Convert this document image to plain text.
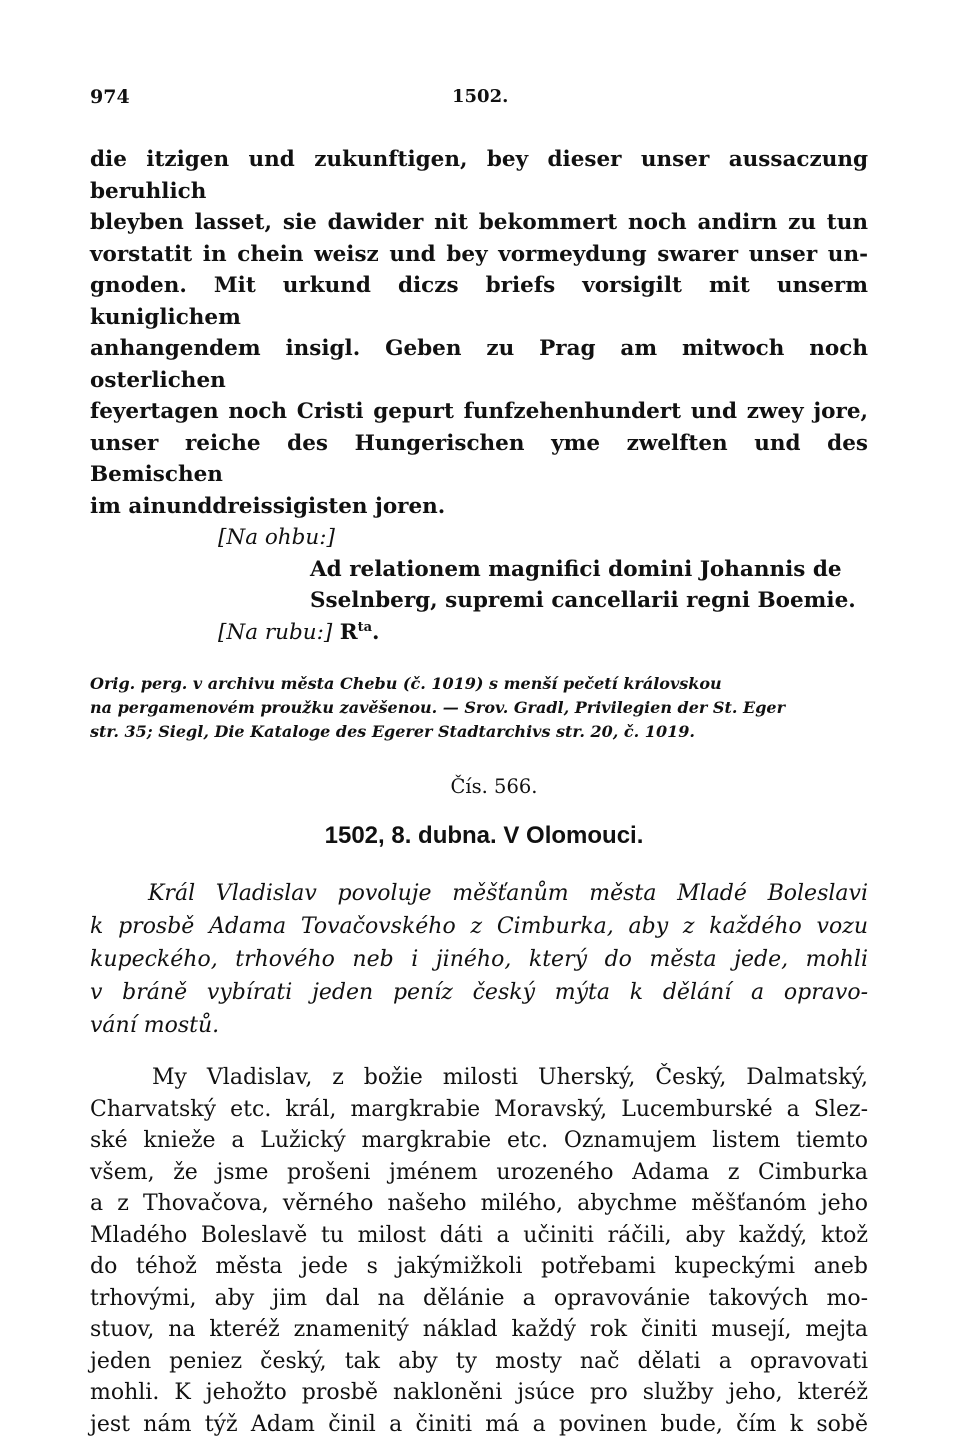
974	1502.

die itzigen und zukunftigen, bey dieser unser aussaczung beruhlich

bleyben lasset, sie dawider nit bekommert noch andirn zu tun

vorstatit in chein weisz und bey vormeydung swarer unser un-

gnoden. Mit urkund diczs briefs vorsigilt mit unserm kuniglichem

anhangendem insigl. Geben zu Prag am mitwoch noch osterlichen

feyertagen noch Cristi gepurt funfzehenhundert und zwey jore,

unser reiche des Hungerischen yme zwelften und des Bemischen

im ainunddreissigisten joren.

[Na ohbu:]

Ad relationem magnifici domini Johannis de

Sselnberg, supremi cancellarii regni Boemie.

[Na rubu:] $R^{ta}$.

Orig. perg. v archivu města Chebu (č. 1019) s menší pečetí královskou

na pergamenovém proužku zavěšenou. — Srov. Gradl, Privilegien der St. Eger

str. 35; Siegl, Die Kataloge des Egerer Stadtarchivs str. 20, č. 1019.

Čís. 566.
1502, 8. dubna. V Olomouci.

Král Vladislav povoluje měšťanům města Mladé Boleslavi

k prosbě Adama Tovačovského z Cimburka, aby z každého vozu

kupeckého, trhového neb i jiného, který do města jede, mohli

v bráně vybírati jeden peníz český mýta k dělání a opravo-

vání mostů.

My Vladislav, z božie milosti Uherský, Český, Dalmatský,

Charvatský etc. král, margkrabie Moravský, Lucemburské a Slez-

ské knieže a Lužický margkrabie etc. Oznamujem listem tiemto

všem, že jsme prošeni jménem urozeného Adama z Cimburka

a z Thovačova, věrného našeho milého, abychme měšťanóm jeho

Mladého Boleslavě tu milost dáti a učiniti ráčili, aby každý, ktož

do téhož města jede s jakýmižkoli potřebami kupeckými aneb

trhovými, aby jim dal na dělánie a opravovánie takových mo-

stuov, na kteréž znamenitý náklad každý rok činiti musejí, mejta

jeden peniez český, tak aby ty mosty nač dělati a opravovati

mohli. K jehožto prosbě nakloněni jsúce pro služby jeho, kteréž

jest nám týž Adam činil a činiti má a povinen bude, čím k sobě
